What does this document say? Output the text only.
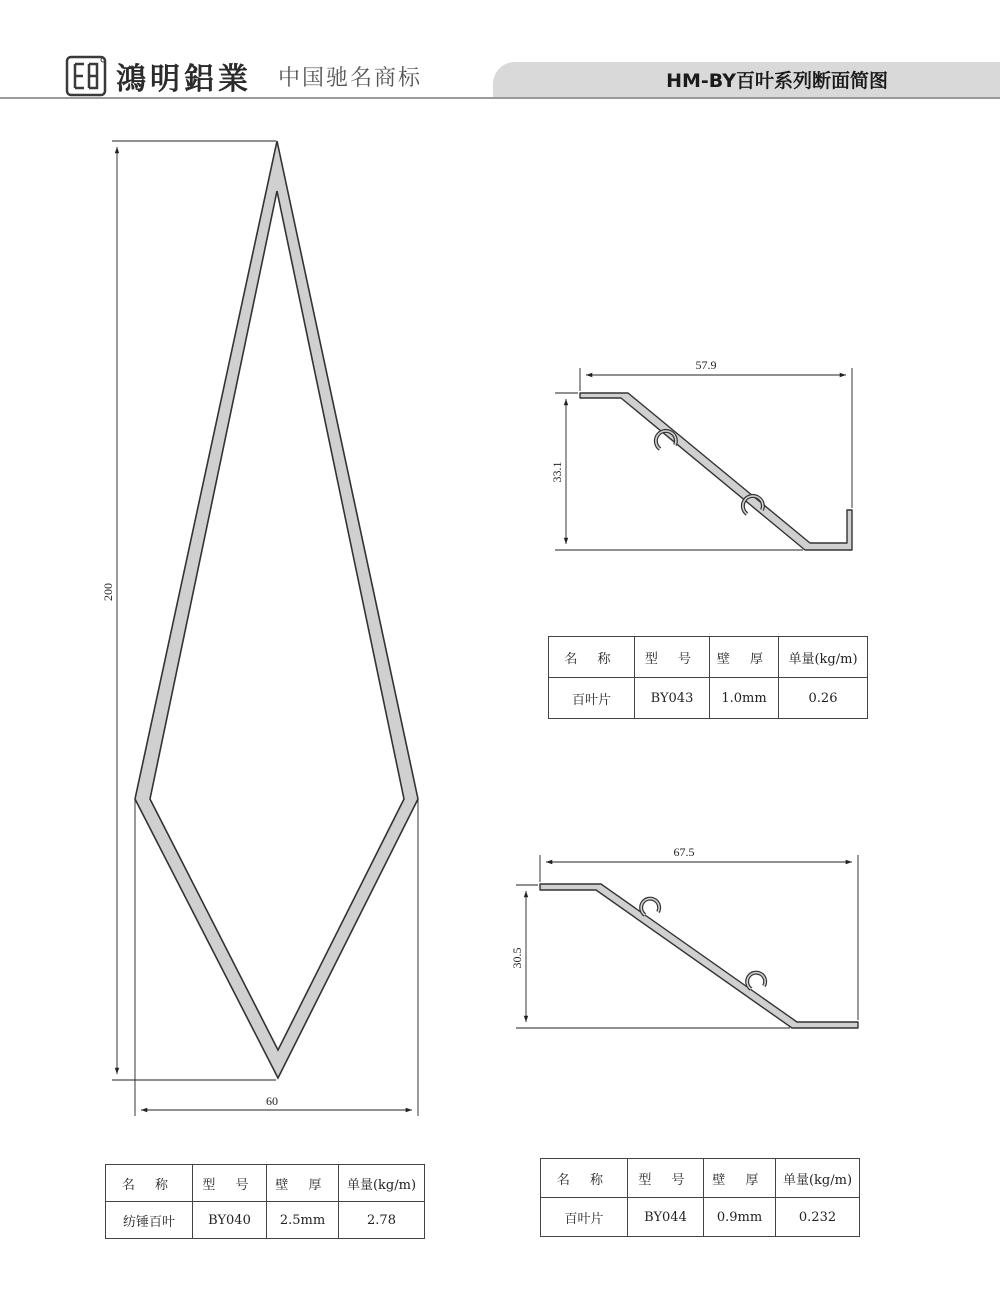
鴻明鋁業 中国驰名商标	HM-BY百叶系列断面简图
200
60
57.9
33.1
67.5
30.5
名 称	型 号	壁 厚	单量(kg/m)
百叶片	BY043	1.0mm	0.26
名 称	型 号	壁 厚	单量(kg/m)
纺锤百叶	BY040	2.5mm	2.78
名 称	型 号	壁 厚	单量(kg/m)
百叶片	BY044	0.9mm	0.232
